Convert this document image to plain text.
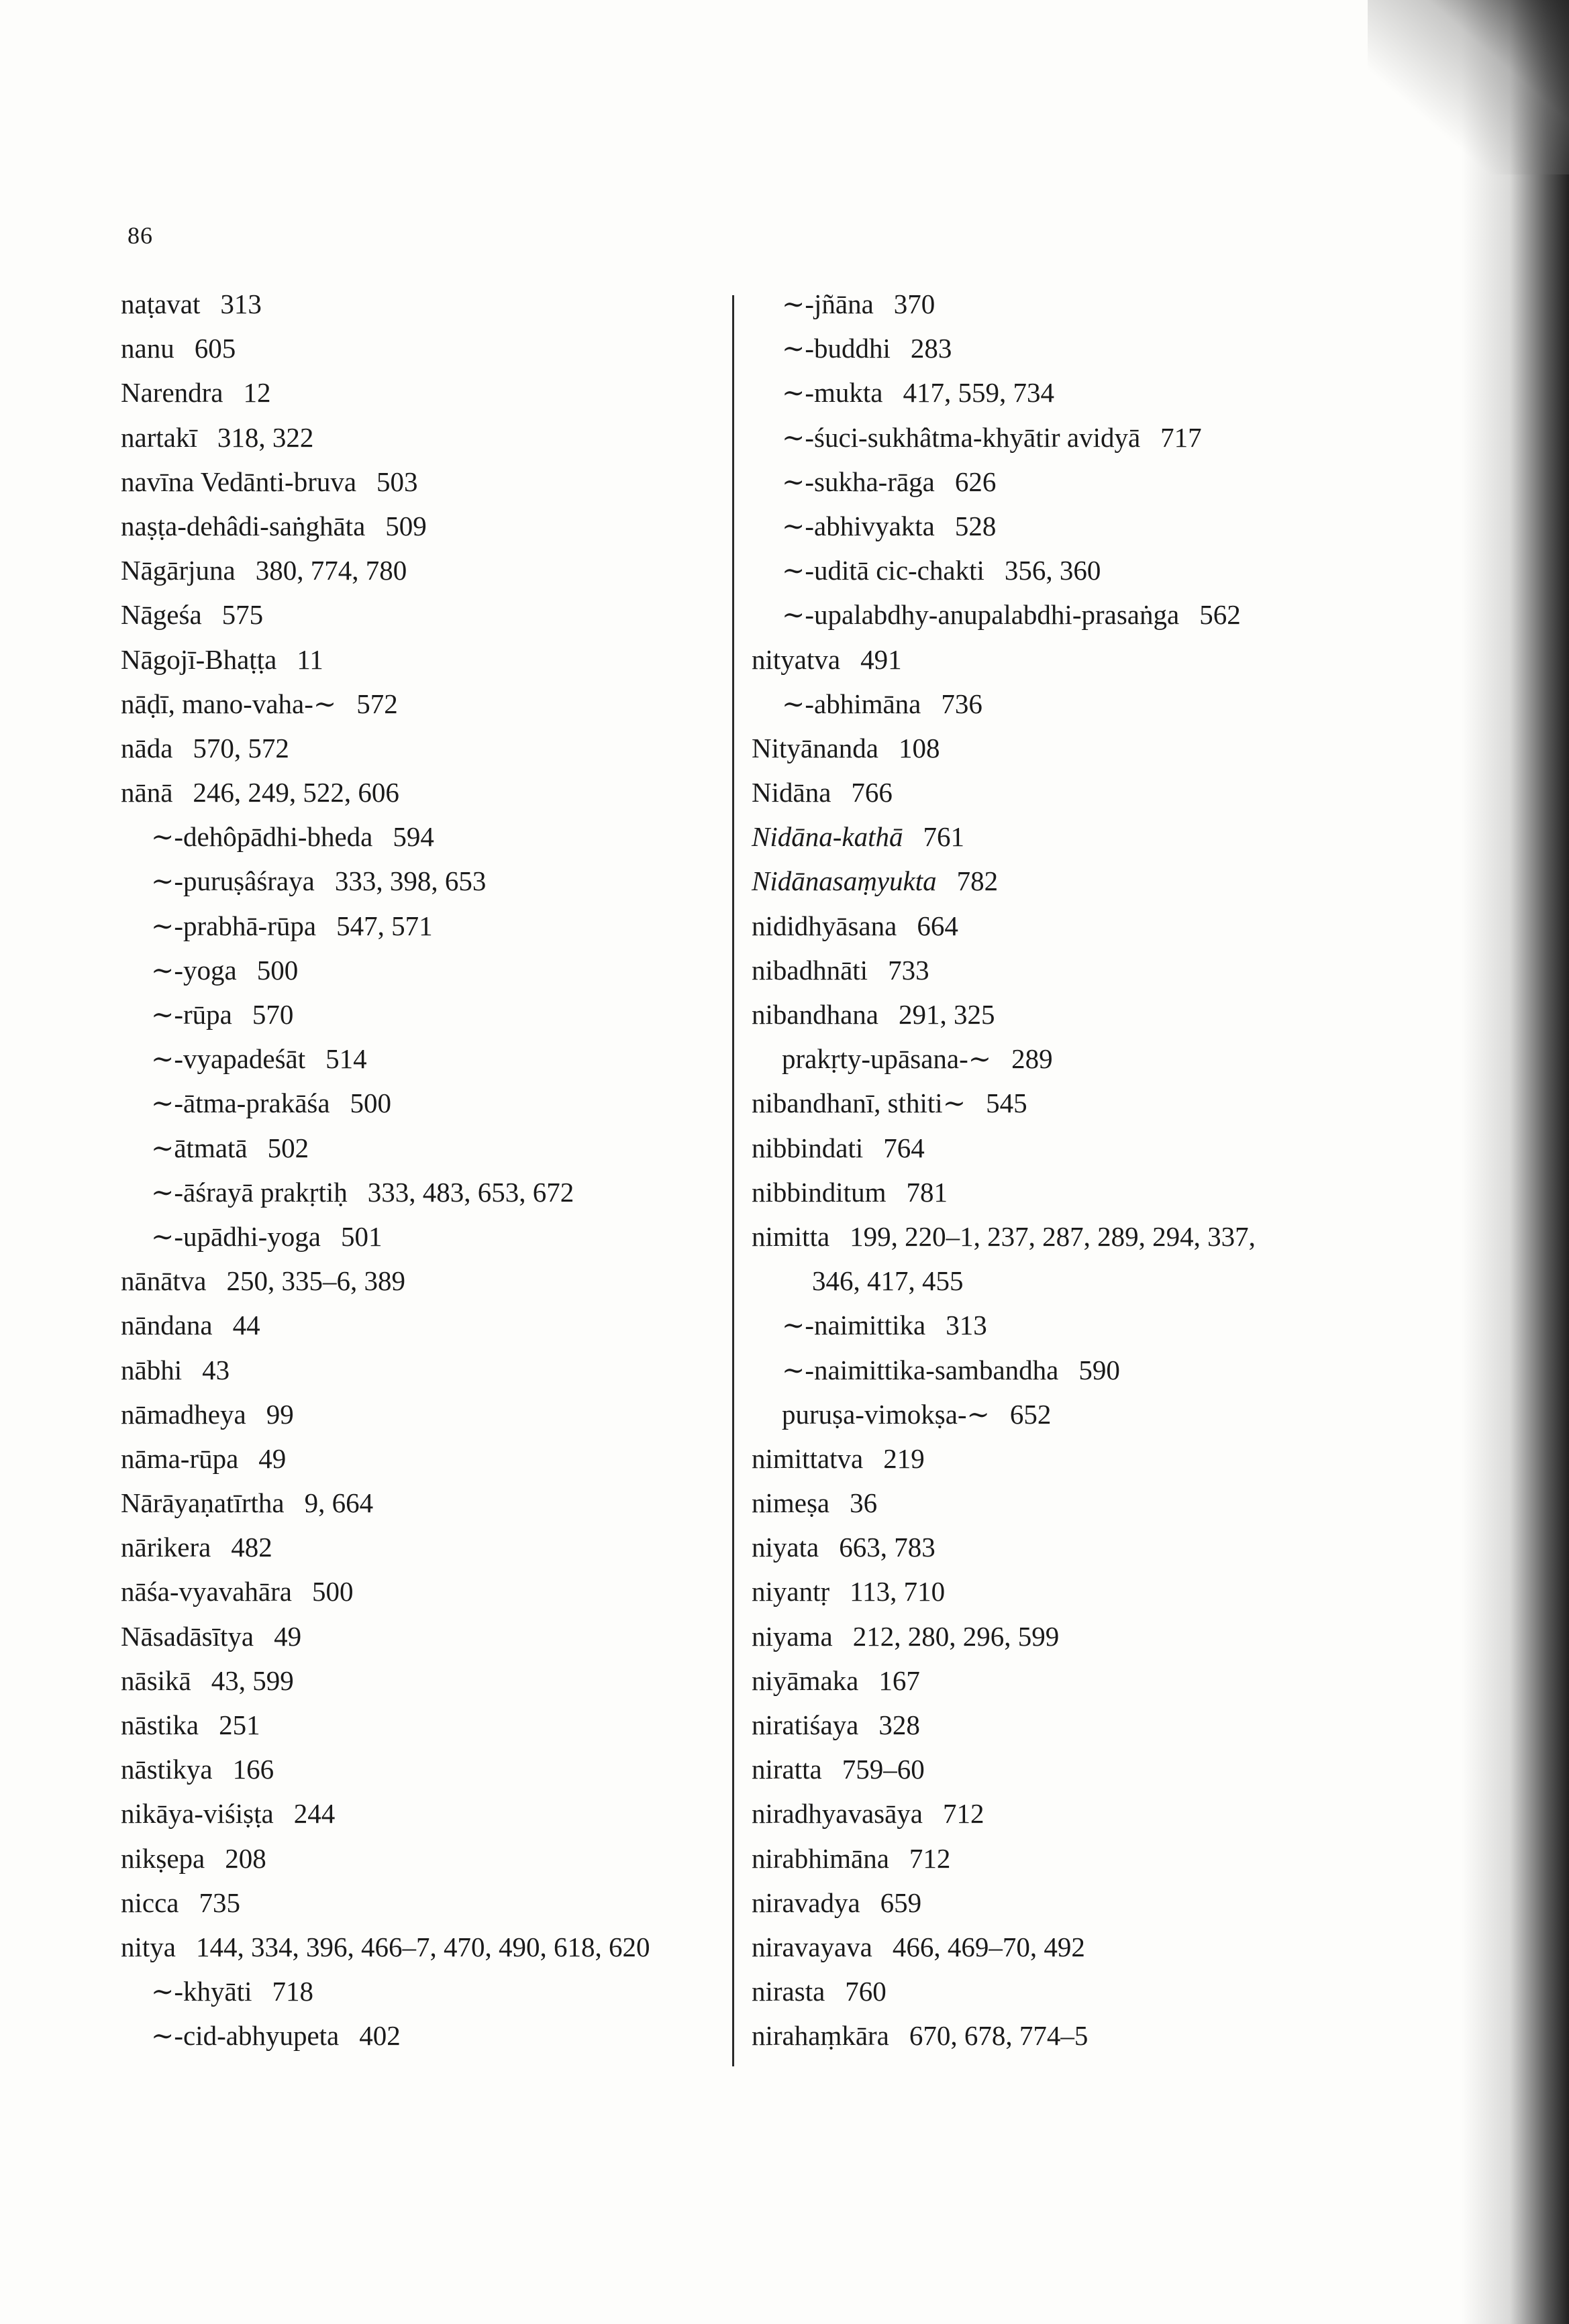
86
naṭavat 313
nanu 605
Narendra 12
nartakī 318, 322
navīna Vedānti-bruva 503
naṣṭa-dehâdi-saṅghāta 509
Nāgārjuna 380, 774, 780
Nāgeśa 575
Nāgojī-Bhaṭṭa 11
nāḍī, mano-vaha-∼ 572
nāda 570, 572
nānā 246, 249, 522, 606
∼-dehôpādhi-bheda 594
∼-puruṣâśraya 333, 398, 653
∼-prabhā-rūpa 547, 571
∼-yoga 500
∼-rūpa 570
∼-vyapadeśāt 514
∼-ātma-prakāśa 500
∼ātmatā 502
∼-āśrayā prakṛtiḥ 333, 483, 653, 672
∼-upādhi-yoga 501
nānātva 250, 335–6, 389
nāndana 44
nābhi 43
nāmadheya 99
nāma-rūpa 49
Nārāyaṇatīrtha 9, 664
nārikera 482
nāśa-vyavahāra 500
Nāsadāsītya 49
nāsikā 43, 599
nāstika 251
nāstikya 166
nikāya-viśiṣṭa 244
nikṣepa 208
nicca 735
nitya 144, 334, 396, 466–7, 470, 490, 618, 620
∼-khyāti 718
∼-cid-abhyupeta 402
∼-jñāna 370
∼-buddhi 283
∼-mukta 417, 559, 734
∼-śuci-sukhâtma-khyātir avidyā 717
∼-sukha-rāga 626
∼-abhivyakta 528
∼-uditā cic-chakti 356, 360
∼-upalabdhy-anupalabdhi-prasaṅga 562
nityatva 491
∼-abhimāna 736
Nityānanda 108
Nidāna 766
Nidāna-kathā 761
Nidānasaṃyukta 782
nididhyāsana 664
nibadhnāti 733
nibandhana 291, 325
prakṛty-upāsana-∼ 289
nibandhanī, sthiti∼ 545
nibbindati 764
nibbinditum 781
nimitta 199, 220–1, 237, 287, 289, 294, 337,
346, 417, 455
∼-naimittika 313
∼-naimittika-sambandha 590
puruṣa-vimokṣa-∼ 652
nimittatva 219
nimeṣa 36
niyata 663, 783
niyantṛ 113, 710
niyama 212, 280, 296, 599
niyāmaka 167
niratiśaya 328
niratta 759–60
niradhyavasāya 712
nirabhimāna 712
niravadya 659
niravayava 466, 469–70, 492
nirasta 760
nirahaṃkāra 670, 678, 774–5
